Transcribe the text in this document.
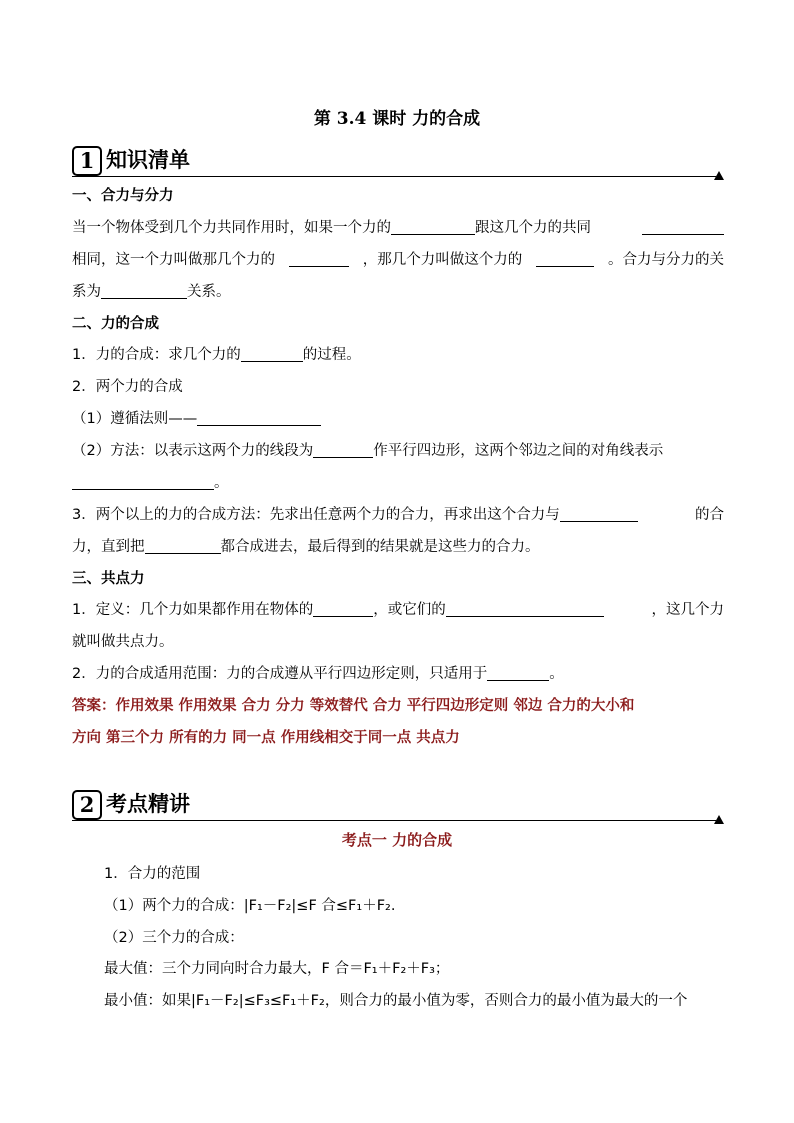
第 3.4 课时 力的合成
1 知识清单
一、合力与分力
当一个物体受到几个力共同作用时，如果一个力的	跟这几个力的共同
相同，这一个力叫做那几个力的	，那几个力叫做这个力的	。合力与分力的关
系为	关系。
二、力的合成
1．力的合成：求几个力的	的过程。
2．两个力的合成
（1）遵循法则——
（2）方法：以表示这两个力的线段为	作平行四边形，这两个邻边之间的对角线表示
。
3．两个以上的力的合成方法：先求出任意两个力的合力，再求出这个合力与	的合
力，直到把	都合成进去，最后得到的结果就是这些力的合力。
三、共点力
1．定义：几个力如果都作用在物体的	，或它们的	，这几个力
就叫做共点力。
2．力的合成适用范围：力的合成遵从平行四边形定则，只适用于	。
答案：作用效果 作用效果 合力 分力 等效替代 合力 平行四边形定则 邻边 合力的大小和
方向 第三个力 所有的力 同一点 作用线相交于同一点 共点力
2 考点精讲
考点一 力的合成
1．合力的范围
（1）两个力的合成：|F₁－F₂|≤F 合≤F₁＋F₂.
（2）三个力的合成：
最大值：三个力同向时合力最大，F 合＝F₁＋F₂＋F₃；
最小值：如果|F₁－F₂|≤F₃≤F₁＋F₂，则合力的最小值为零，否则合力的最小值为最大的一个
